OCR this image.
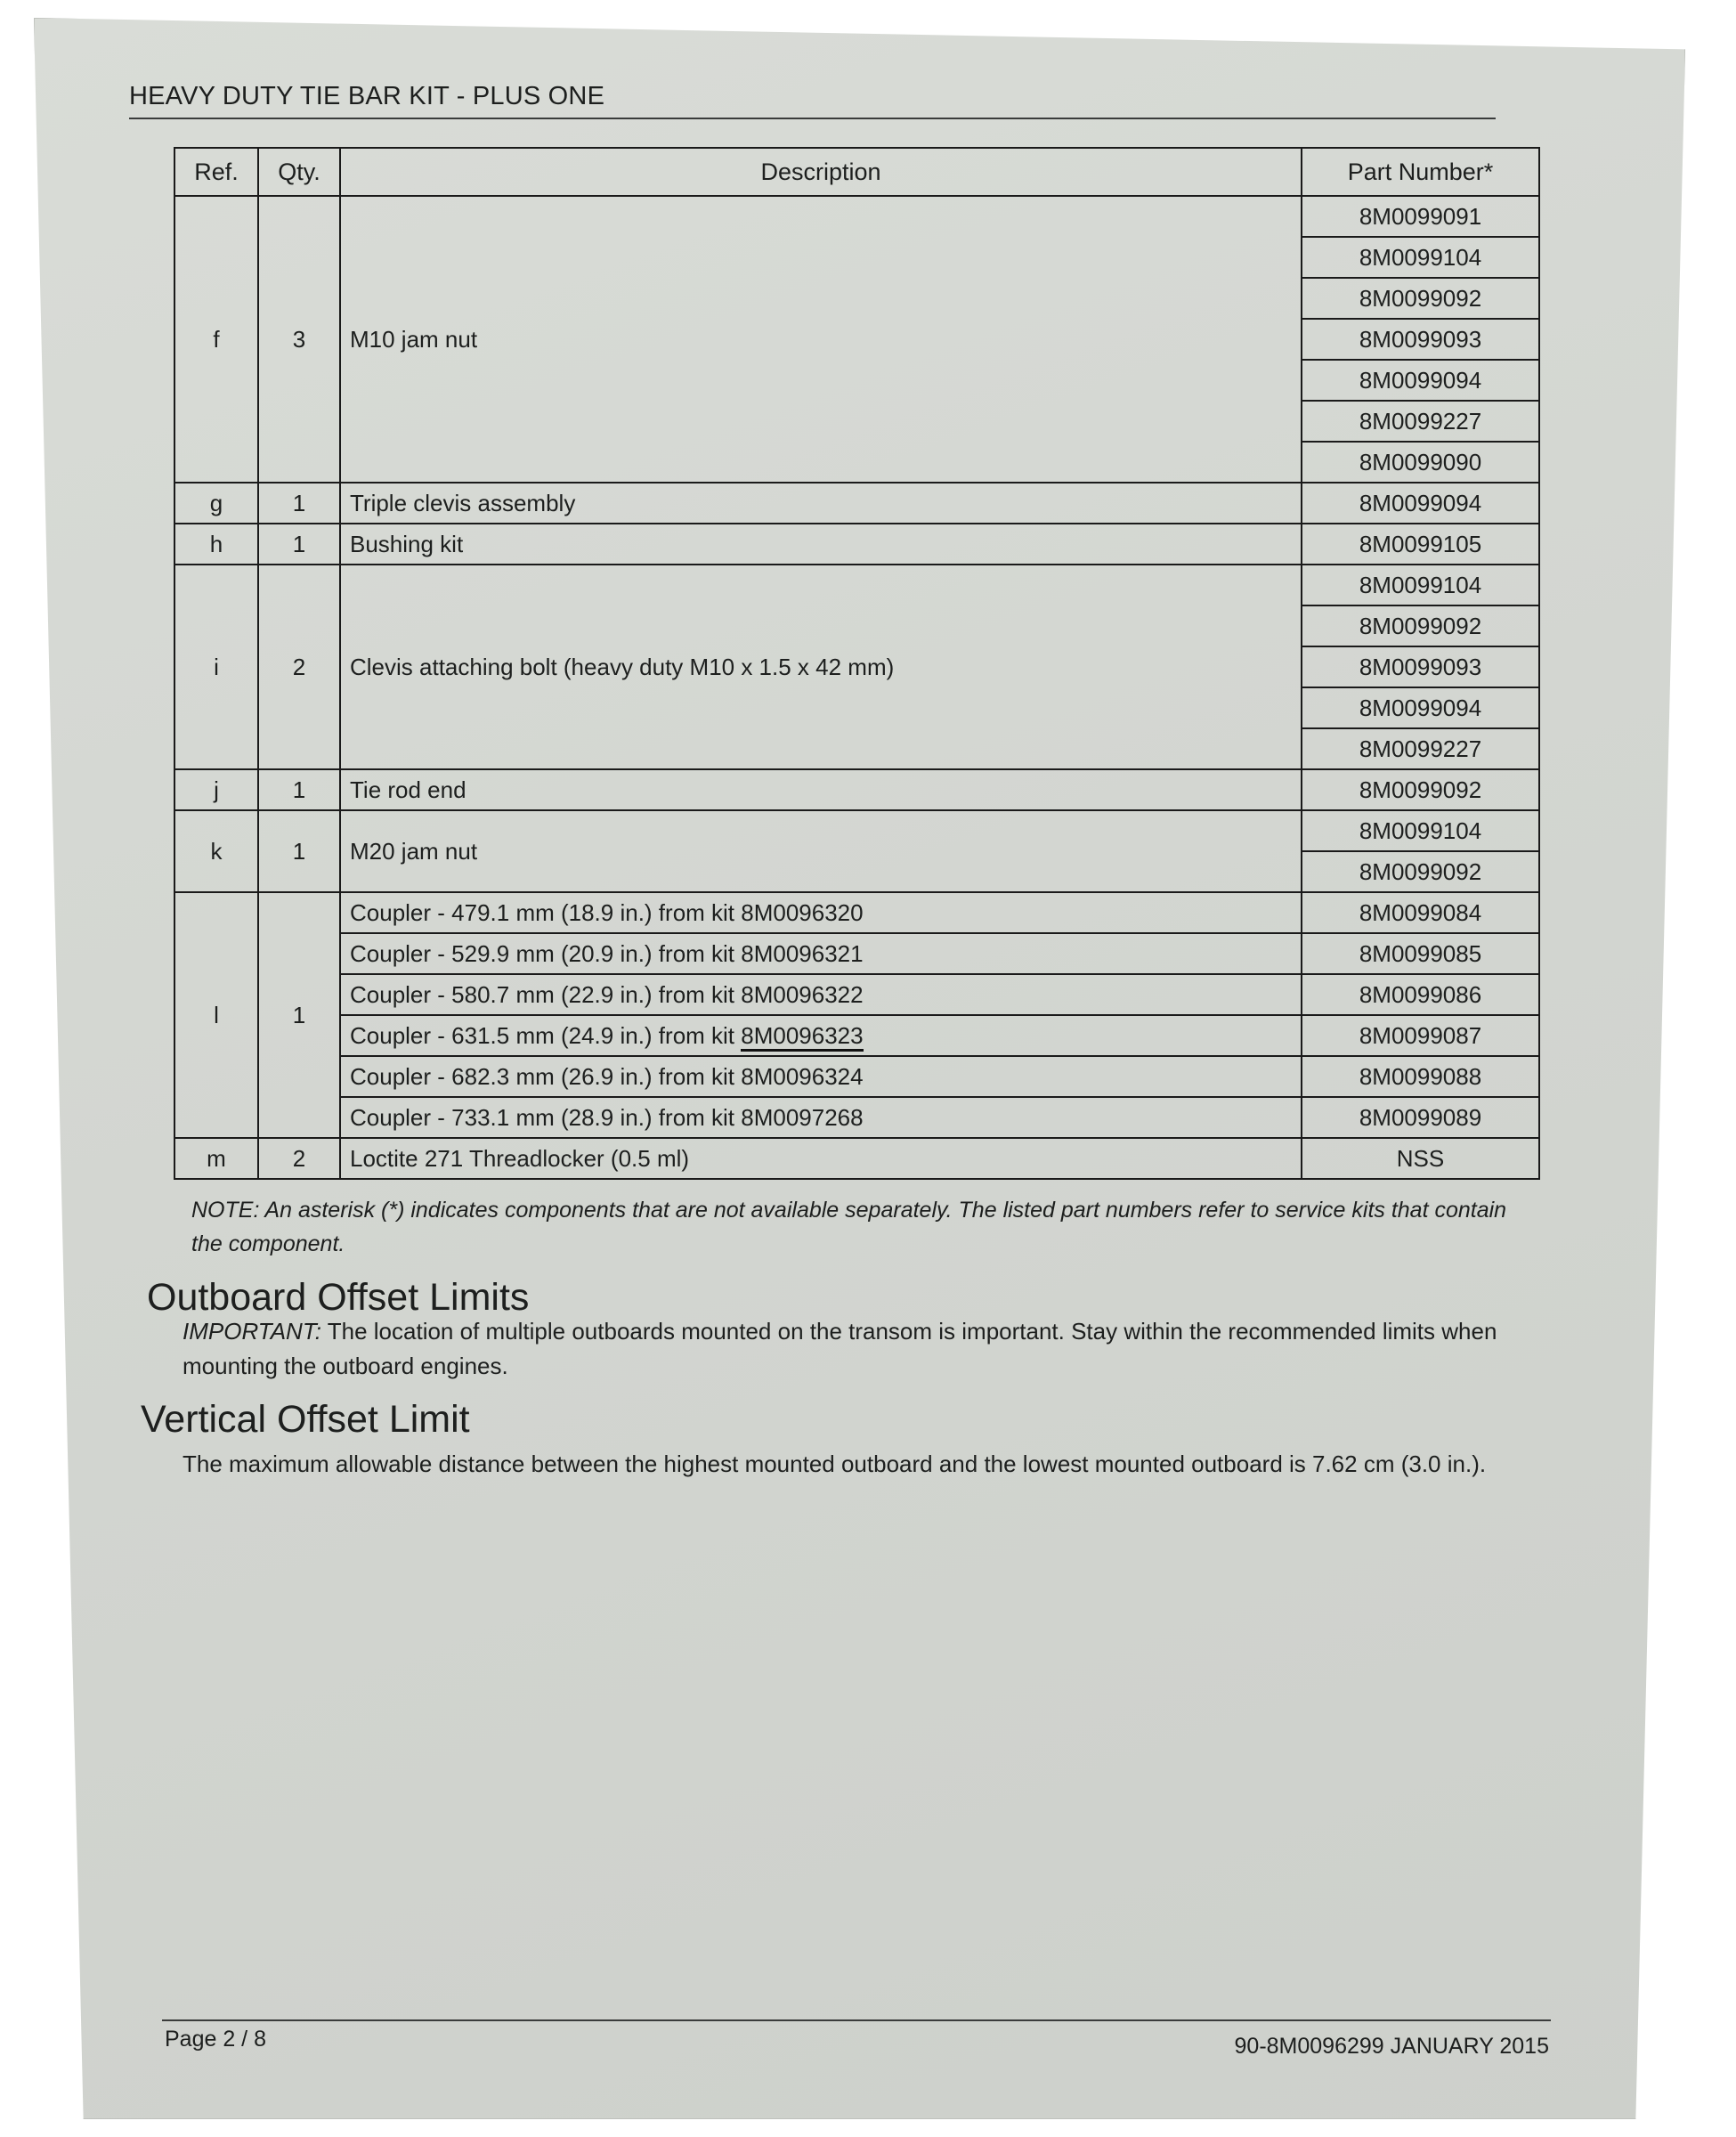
HEAVY DUTY TIE BAR KIT - PLUS ONE
Ref.	Qty.	Description	Part Number*
f	3	M10 jam nut	8M0099091
			8M0099104
			8M0099092
			8M0099093
			8M0099094
			8M0099227
			8M0099090
g	1	Triple clevis assembly	8M0099094
h	1	Bushing kit	8M0099105
i	2	Clevis attaching bolt (heavy duty M10 x 1.5 x 42 mm)	8M0099104
			8M0099092
			8M0099093
			8M0099094
			8M0099227
j	1	Tie rod end	8M0099092
k	1	M20 jam nut	8M0099104
			8M0099092
l	1	Coupler - 479.1 mm (18.9 in.) from kit 8M0096320	8M0099084
		Coupler - 529.9 mm (20.9 in.) from kit 8M0096321	8M0099085
		Coupler - 580.7 mm (22.9 in.) from kit 8M0096322	8M0099086
		Coupler - 631.5 mm (24.9 in.) from kit 8M0096323	8M0099087
		Coupler - 682.3 mm (26.9 in.) from kit 8M0096324	8M0099088
		Coupler - 733.1 mm (28.9 in.) from kit 8M0097268	8M0099089
m	2	Loctite 271 Threadlocker (0.5 ml)	NSS
NOTE: An asterisk (*) indicates components that are not available separately. The listed part numbers refer to service kits that contain the component.
Outboard Offset Limits
IMPORTANT: The location of multiple outboards mounted on the transom is important. Stay within the recommended limits when mounting the outboard engines.
Vertical Offset Limit
The maximum allowable distance between the highest mounted outboard and the lowest mounted outboard is 7.62 cm (3.0 in.).
Page 2 / 8	90-8M0096299 JANUARY 2015
